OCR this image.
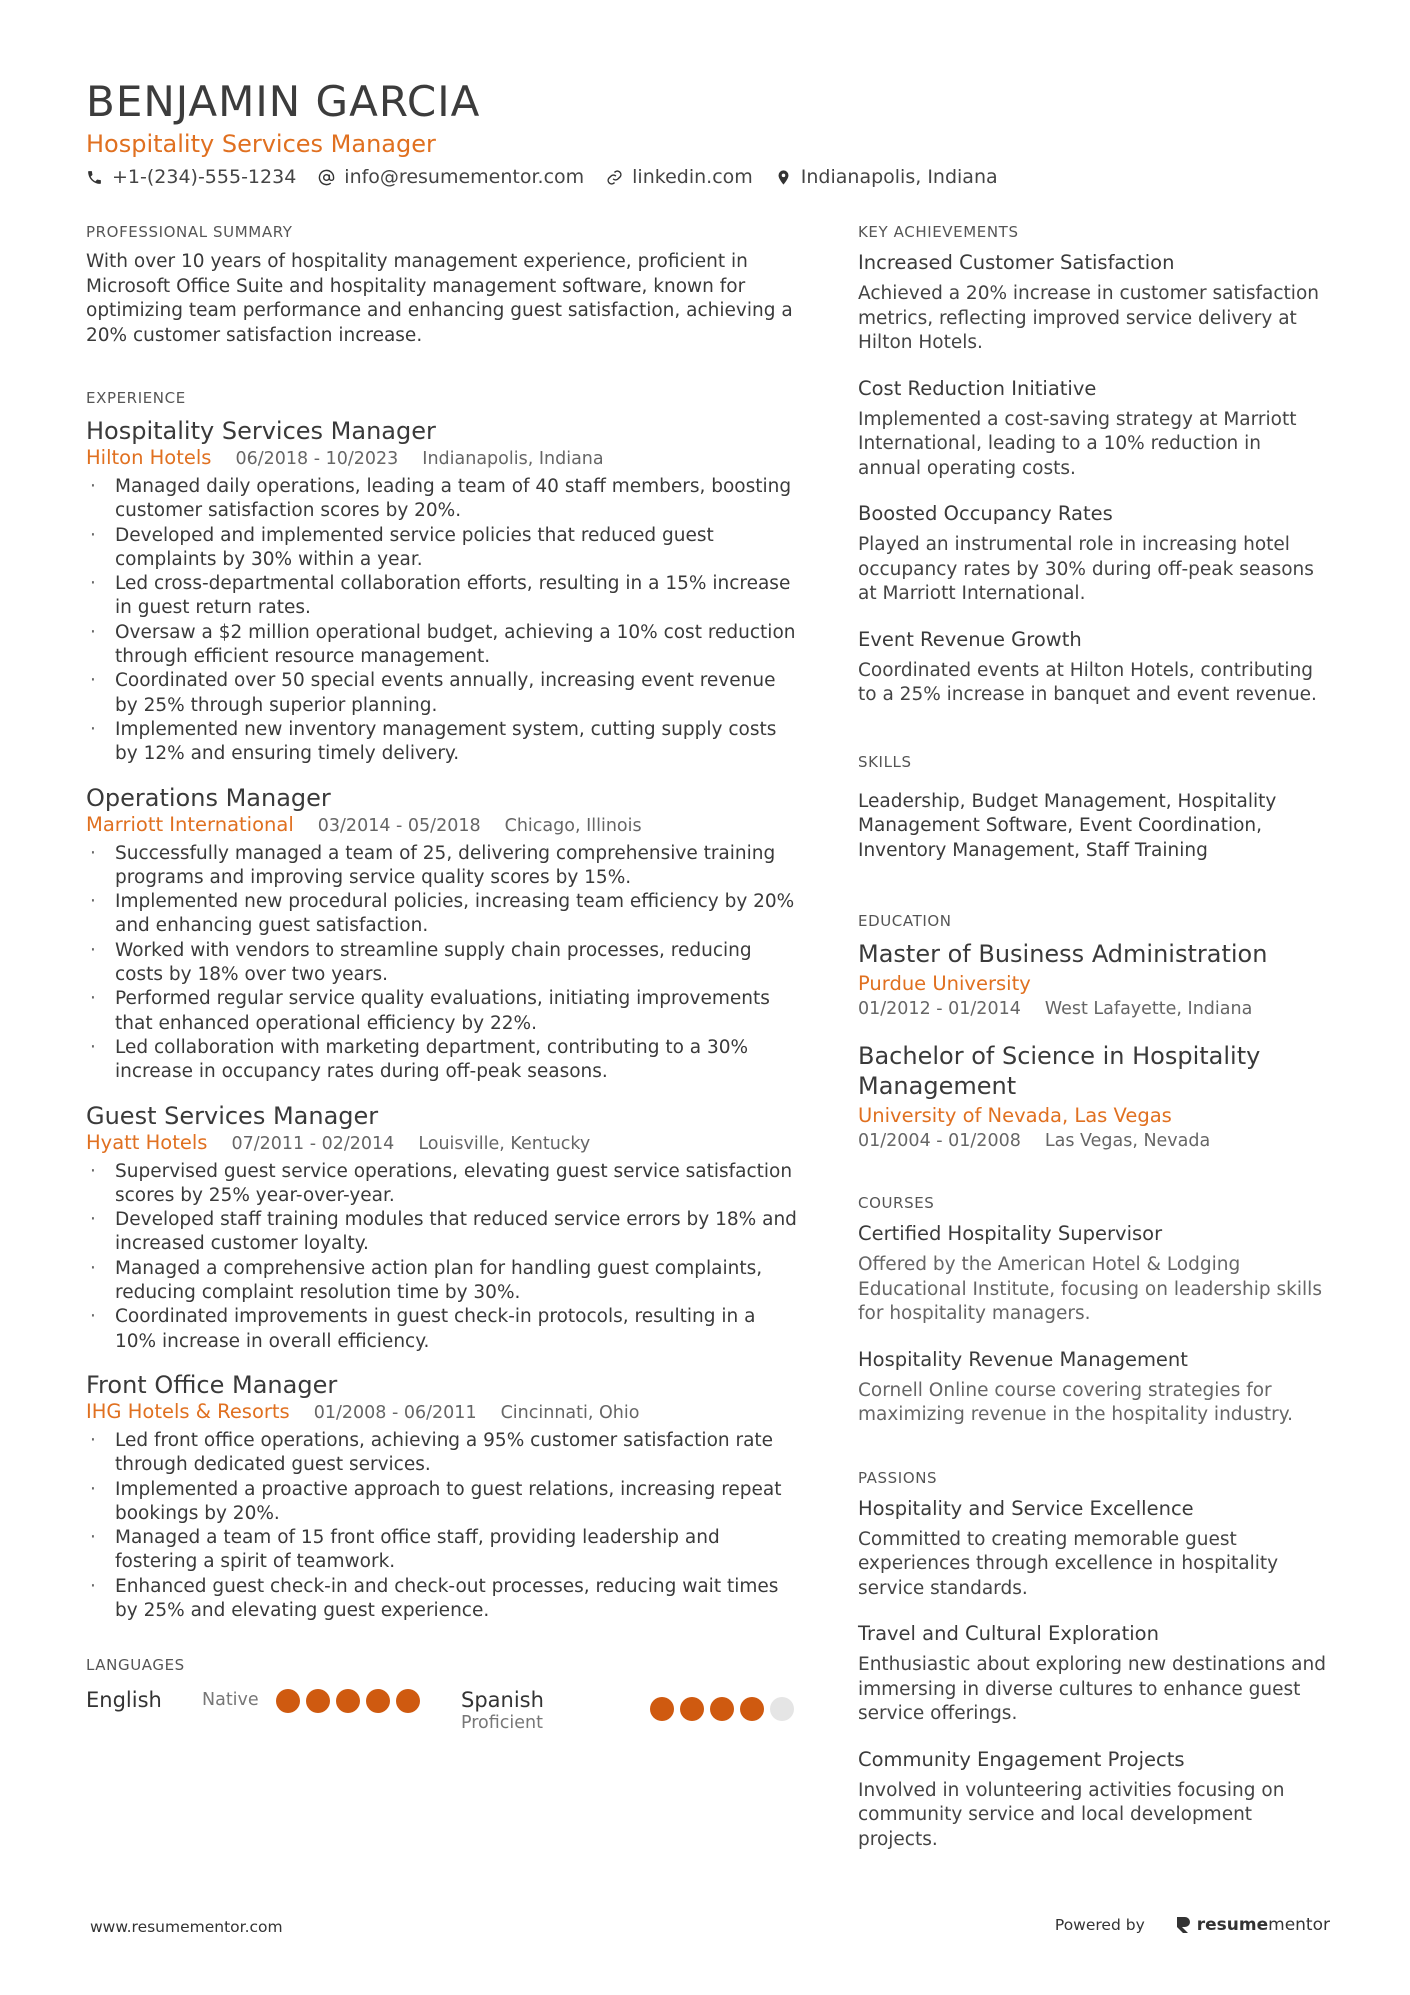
BENJAMIN GARCIA
Hospitality Services Manager
+1-(234)-555-1234	info@resumementor.com	linkedin.com	Indianapolis, Indiana
PROFESSIONAL SUMMARY

With over 10 years of hospitality management experience, proficient in Microsoft Office Suite and hospitality management software, known for optimizing team performance and enhancing guest satisfaction, achieving a 20% customer satisfaction increase.

EXPERIENCE
Hospitality Services Manager
Hilton Hotels 06/2018 - 10/2023 Indianapolis, Indiana
· Managed daily operations, leading a team of 40 staff members, boosting customer satisfaction scores by 20%.
· Developed and implemented service policies that reduced guest complaints by 30% within a year.
· Led cross-departmental collaboration efforts, resulting in a 15% increase in guest return rates.
· Oversaw a $2 million operational budget, achieving a 10% cost reduction through efficient resource management.
· Coordinated over 50 special events annually, increasing event revenue by 25% through superior planning.
· Implemented new inventory management system, cutting supply costs by 12% and ensuring timely delivery.
Operations Manager
Marriott International 03/2014 - 05/2018 Chicago, Illinois
· Successfully managed a team of 25, delivering comprehensive training programs and improving service quality scores by 15%.
· Implemented new procedural policies, increasing team efficiency by 20% and enhancing guest satisfaction.
· Worked with vendors to streamline supply chain processes, reducing costs by 18% over two years.
· Performed regular service quality evaluations, initiating improvements that enhanced operational efficiency by 22%.
· Led collaboration with marketing department, contributing to a 30% increase in occupancy rates during off-peak seasons.
Guest Services Manager
Hyatt Hotels 07/2011 - 02/2014 Louisville, Kentucky
· Supervised guest service operations, elevating guest service satisfaction scores by 25% year-over-year.
· Developed staff training modules that reduced service errors by 18% and increased customer loyalty.
· Managed a comprehensive action plan for handling guest complaints, reducing complaint resolution time by 30%.
· Coordinated improvements in guest check-in protocols, resulting in a 10% increase in overall efficiency.
Front Office Manager
IHG Hotels & Resorts 01/2008 - 06/2011 Cincinnati, Ohio
· Led front office operations, achieving a 95% customer satisfaction rate through dedicated guest services.
· Implemented a proactive approach to guest relations, increasing repeat bookings by 20%.
· Managed a team of 15 front office staff, providing leadership and fostering a spirit of teamwork.
· Enhanced guest check-in and check-out processes, reducing wait times by 25% and elevating guest experience.
LANGUAGES
English Native	Spanish
Proficient
KEY ACHIEVEMENTS
Increased Customer Satisfaction
Achieved a 20% increase in customer satisfaction metrics, reflecting improved service delivery at Hilton Hotels.
Cost Reduction Initiative
Implemented a cost-saving strategy at Marriott International, leading to a 10% reduction in annual operating costs.
Boosted Occupancy Rates
Played an instrumental role in increasing hotel occupancy rates by 30% during off-peak seasons at Marriott International.
Event Revenue Growth
Coordinated events at Hilton Hotels, contributing to a 25% increase in banquet and event revenue.
SKILLS
Leadership, Budget Management, Hospitality Management Software, Event Coordination, Inventory Management, Staff Training
EDUCATION
Master of Business Administration
Purdue University
01/2012 - 01/2014 West Lafayette, Indiana
Bachelor of Science in Hospitality Management
University of Nevada, Las Vegas
01/2004 - 01/2008 Las Vegas, Nevada
COURSES
Certified Hospitality Supervisor
Offered by the American Hotel & Lodging Educational Institute, focusing on leadership skills for hospitality managers.
Hospitality Revenue Management
Cornell Online course covering strategies for maximizing revenue in the hospitality industry.
PASSIONS
Hospitality and Service Excellence
Committed to creating memorable guest experiences through excellence in hospitality service standards.
Travel and Cultural Exploration
Enthusiastic about exploring new destinations and immersing in diverse cultures to enhance guest service offerings.
Community Engagement Projects
Involved in volunteering activities focusing on community service and local development projects.
www.resumementor.com	Powered by	resumementor
